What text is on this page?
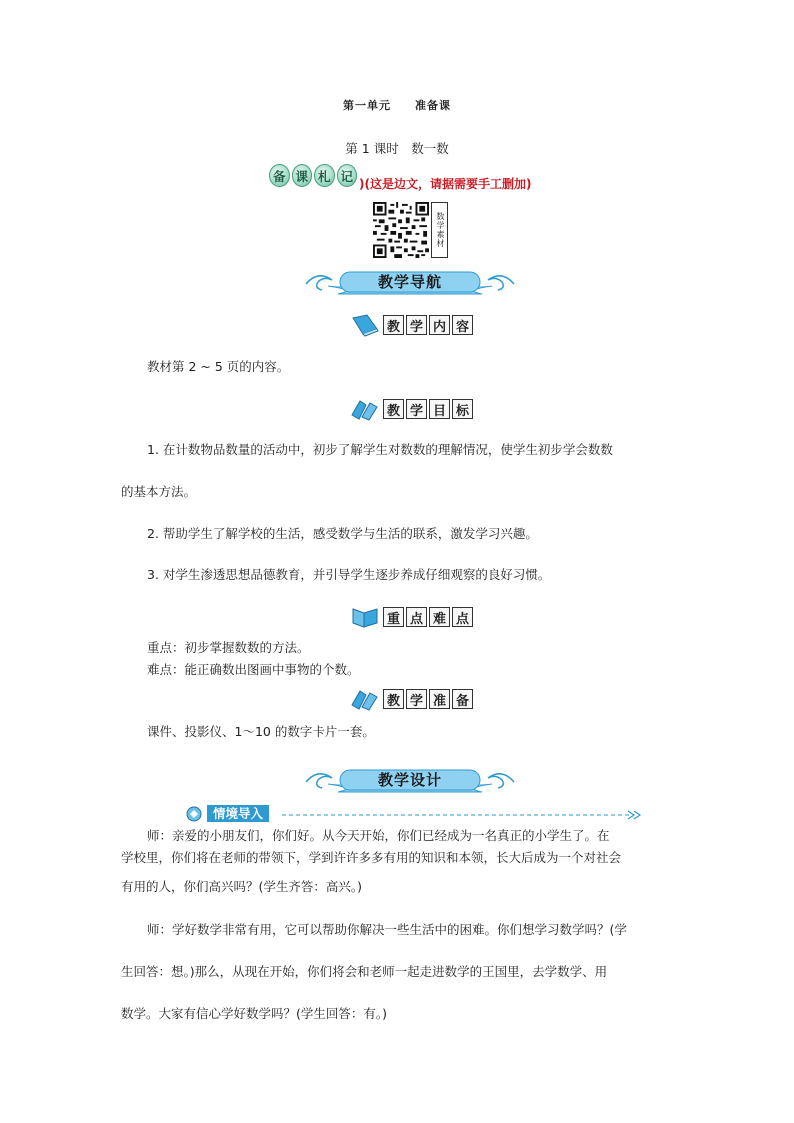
第一单元 准备课
第 1 课时　数一数
备 课 札 记
)(这是边文，请据需要手工删加)
数学素材
教学导航
教 学 内 容
教材第 2 ~ 5 页的内容。
教 学 目 标
1. 在计数物品数量的活动中，初步了解学生对数数的理解情况，使学生初步学会数数
的基本方法。
2. 帮助学生了解学校的生活，感受数学与生活的联系，激发学习兴趣。
3. 对学生渗透思想品德教育，并引导学生逐步养成仔细观察的良好习惯。
重 点 难 点
重点：初步掌握数数的方法。
难点：能正确数出图画中事物的个数。
教 学 准 备
课件、投影仪、1～10 的数字卡片一套。
教学设计
情境导入
师：亲爱的小朋友们，你们好。从今天开始，你们已经成为一名真正的小学生了。在
学校里，你们将在老师的带领下，学到许许多多有用的知识和本领，长大后成为一个对社会
有用的人，你们高兴吗？(学生齐答：高兴。)
师：学好数学非常有用，它可以帮助你解决一些生活中的困难。你们想学习数学吗？(学
生回答：想。)那么，从现在开始，你们将会和老师一起走进数学的王国里，去学数学、用
数学。大家有信心学好数学吗？(学生回答：有。)
